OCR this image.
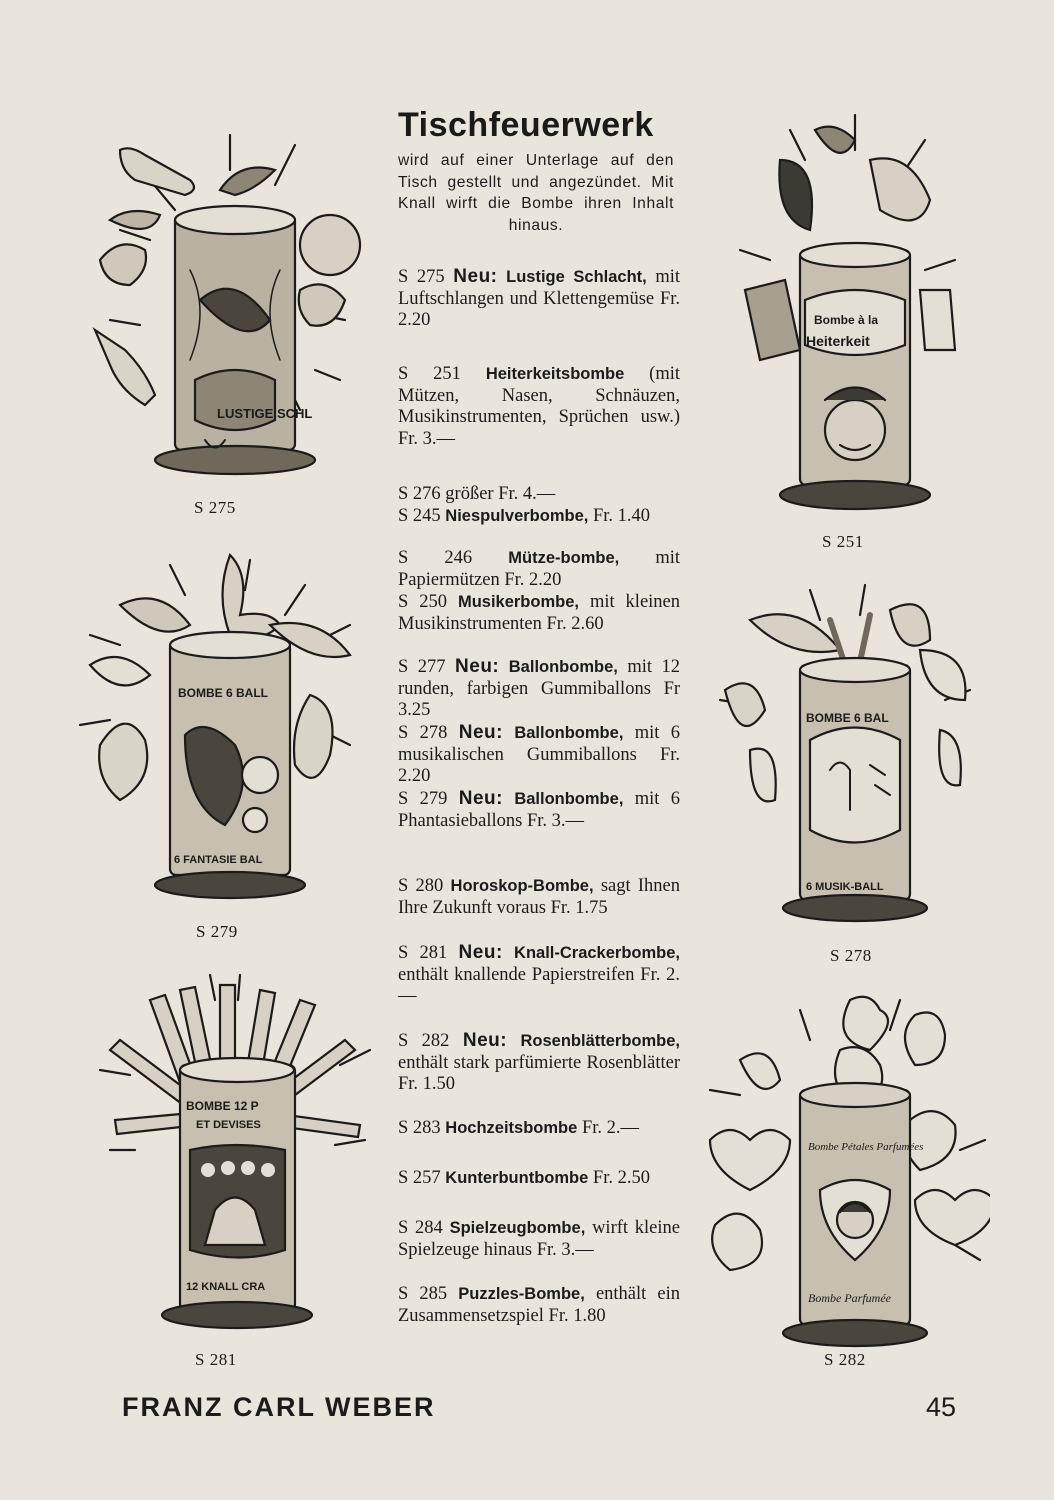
Tischfeuerwerk
wird auf einer Unterlage auf den Tisch gestellt und angezündet. Mit Knall wirft die Bombe ihren Inhalt hinaus.
S 275 Neu: Lustige Schlacht, mit Luftschlangen und Klettengemüse Fr. 2.20
S 251 Heiterkeitsbombe (mit Mützen, Nasen, Schnäuzen, Musikinstrumenten, Sprüchen usw.) Fr. 3.—
S 276 größer Fr. 4.—
S 245 Niespulverbombe, Fr. 1.40
S 246 Mütze-bombe, mit Papiermützen Fr. 2.20
S 250 Musikerbombe, mit kleinen Musikinstrumenten Fr. 2.60
S 277 Neu: Ballonbombe, mit 12 runden, farbigen Gummiballons Fr 3.25
S 278 Neu: Ballonbombe, mit 6 musikalischen Gummiballons Fr. 2.20
S 279 Neu: Ballonbombe, mit 6 Phantasieballons Fr. 3.—
S 280 Horoskop-Bombe, sagt Ihnen Ihre Zukunft voraus Fr. 1.75
S 281 Neu: Knall-Crackerbombe, enthält knallende Papierstreifen Fr. 2.—
S 282 Neu: Rosenblätterbombe, enthält stark parfümierte Rosenblätter Fr. 1.50
S 283 Hochzeitsbombe Fr. 2.—
S 257 Kunterbuntbombe Fr. 2.50
S 284 Spielzeugbombe, wirft kleine Spielzeuge hinaus Fr. 3.—
S 285 Puzzles-Bombe, enthält ein Zusammensetzspiel Fr. 1.80
LUSTIGE SCHL
S 275
Bombe à la
Heiterkeit
S 251
BOMBE 6 BALL
6 FANTASIE BAL
S 279
BOMBE 6 BAL
6 MUSIK-BALL
S 278
BOMBE 12 P
ET DEVISES
12 KNALL CRA
S 281
Bombe Pétales Parfumées
Bombe Parfumée
S 282
FRANZ CARL WEBER	45
